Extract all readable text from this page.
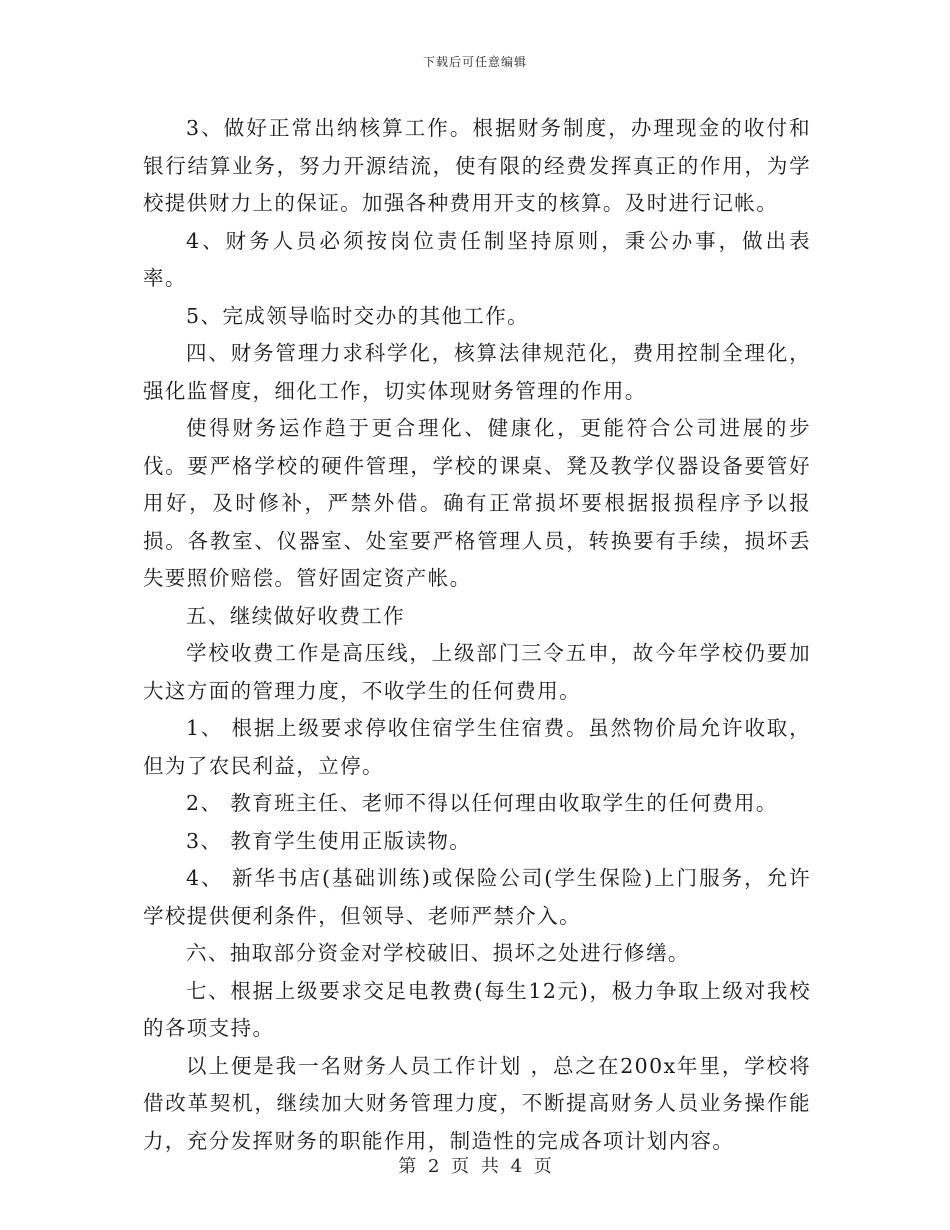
下载后可任意编辑

3、做好正常出纳核算工作。根据财务制度，办理现金的收付和银行结算业务，努力开源结流，使有限的经费发挥真正的作用，为学校提供财力上的保证。加强各种费用开支的核算。及时进行记帐。

4、财务人员必须按岗位责任制坚持原则，秉公办事，做出表率。

5、完成领导临时交办的其他工作。

四、财务管理力求科学化，核算法律规范化，费用控制全理化，强化监督度，细化工作，切实体现财务管理的作用。

使得财务运作趋于更合理化、健康化，更能符合公司进展的步伐。要严格学校的硬件管理，学校的课桌、凳及教学仪器设备要管好用好，及时修补，严禁外借。确有正常损坏要根据报损程序予以报损。各教室、仪器室、处室要严格管理人员，转换要有手续，损坏丢失要照价赔偿。管好固定资产帐。

五、继续做好收费工作

学校收费工作是高压线，上级部门三令五申，故今年学校仍要加大这方面的管理力度，不收学生的任何费用。

1、 根据上级要求停收住宿学生住宿费。虽然物价局允许收取，但为了农民利益，立停。

2、 教育班主任、老师不得以任何理由收取学生的任何费用。

3、 教育学生使用正版读物。

4、 新华书店(基础训练)或保险公司(学生保险)上门服务，允许学校提供便利条件，但领导、老师严禁介入。

六、抽取部分资金对学校破旧、损坏之处进行修缮。

七、根据上级要求交足电教费(每生12元)，极力争取上级对我校的各项支持。

以上便是我一名财务人员工作计划 ，总之在200x年里，学校将借改革契机，继续加大财务管理力度，不断提高财务人员业务操作能力，充分发挥财务的职能作用，制造性的完成各项计划内容。

第 2 页 共 4 页
